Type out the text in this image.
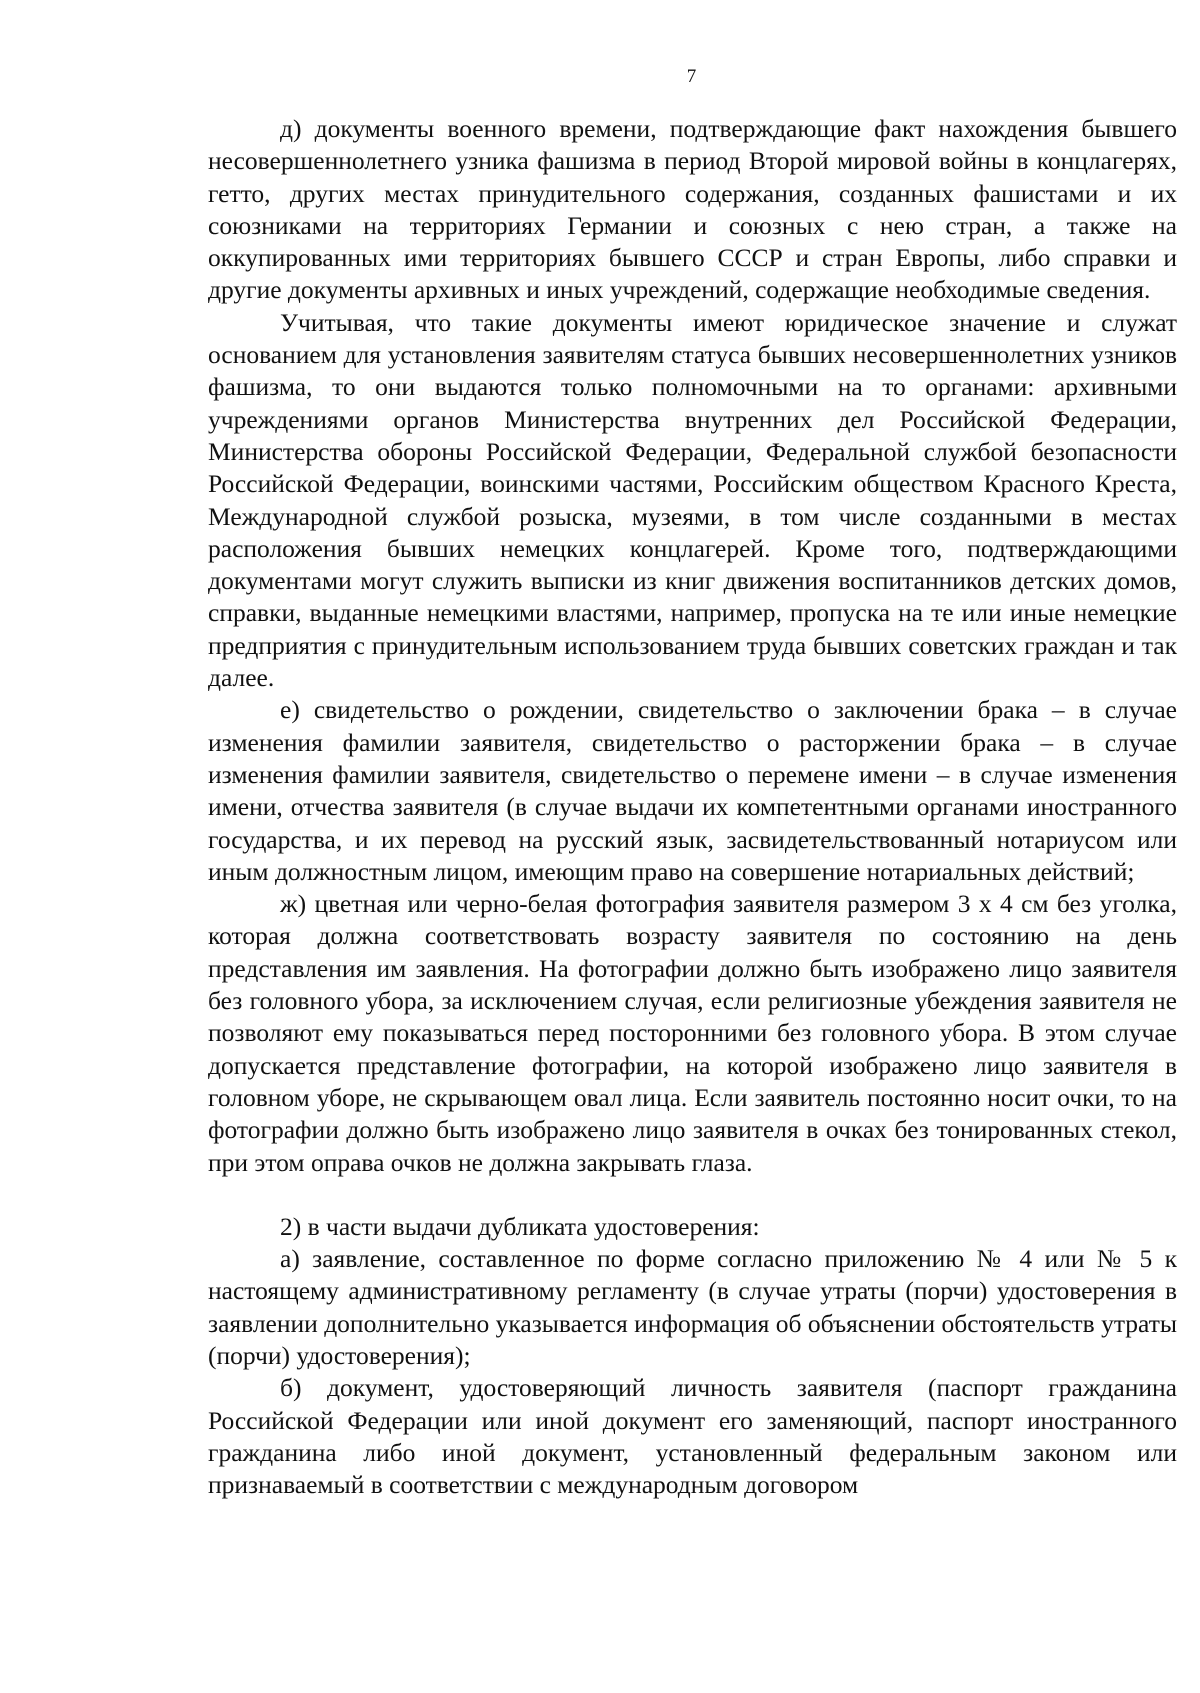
7

д) документы военного времени, подтверждающие факт нахождения бывшего несовершеннолетнего узника фашизма в период Второй мировой войны в концлагерях, гетто, других местах принудительного содержания, созданных фашистами и их союзниками на территориях Германии и союзных с нею стран, а также на оккупированных ими территориях бывшего СССР и стран Европы, либо справки и другие документы архивных и иных учреждений, содержащие необходимые сведения.

Учитывая, что такие документы имеют юридическое значение и служат основанием для установления заявителям статуса бывших несовершеннолетних узников фашизма, то они выдаются только полномочными на то органами: архивными учреждениями органов Министерства внутренних дел Российской Федерации, Министерства обороны Российской Федерации, Федеральной службой безопасности Российской Федерации, воинскими частями, Российским обществом Красного Креста, Международной службой розыска, музеями, в том числе созданными в местах расположения бывших немецких концлагерей. Кроме того, подтверждающими документами могут служить выписки из книг движения воспитанников детских домов, справки, выданные немецкими властями, например, пропуска на те или иные немецкие предприятия с принудительным использованием труда бывших советских граждан и так далее.

е) свидетельство о рождении, свидетельство о заключении брака – в случае изменения фамилии заявителя, свидетельство о расторжении брака – в случае изменения фамилии заявителя, свидетельство о перемене имени – в случае изменения имени, отчества заявителя (в случае выдачи их компетентными органами иностранного государства, и их перевод на русский язык, засвидетельствованный нотариусом или иным должностным лицом, имеющим право на совершение нотариальных действий;

ж) цветная или черно-белая фотография заявителя размером 3 x 4 см без уголка, которая должна соответствовать возрасту заявителя по состоянию на день представления им заявления. На фотографии должно быть изображено лицо заявителя без головного убора, за исключением случая, если религиозные убеждения заявителя не позволяют ему показываться перед посторонними без головного убора. В этом случае допускается представление фотографии, на которой изображено лицо заявителя в головном уборе, не скрывающем овал лица. Если заявитель постоянно носит очки, то на фотографии должно быть изображено лицо заявителя в очках без тонированных стекол, при этом оправа очков не должна закрывать глаза.

2) в части выдачи дубликата удостоверения:

а) заявление, составленное по форме согласно приложению № 4 или № 5 к настоящему административному регламенту (в случае утраты (порчи) удостоверения в заявлении дополнительно указывается информация об объяснении обстоятельств утраты (порчи) удостоверения);

б) документ, удостоверяющий личность заявителя (паспорт гражданина Российской Федерации или иной документ его заменяющий, паспорт иностранного гражданина либо иной документ, установленный федеральным законом или признаваемый в соответствии с международным договором
